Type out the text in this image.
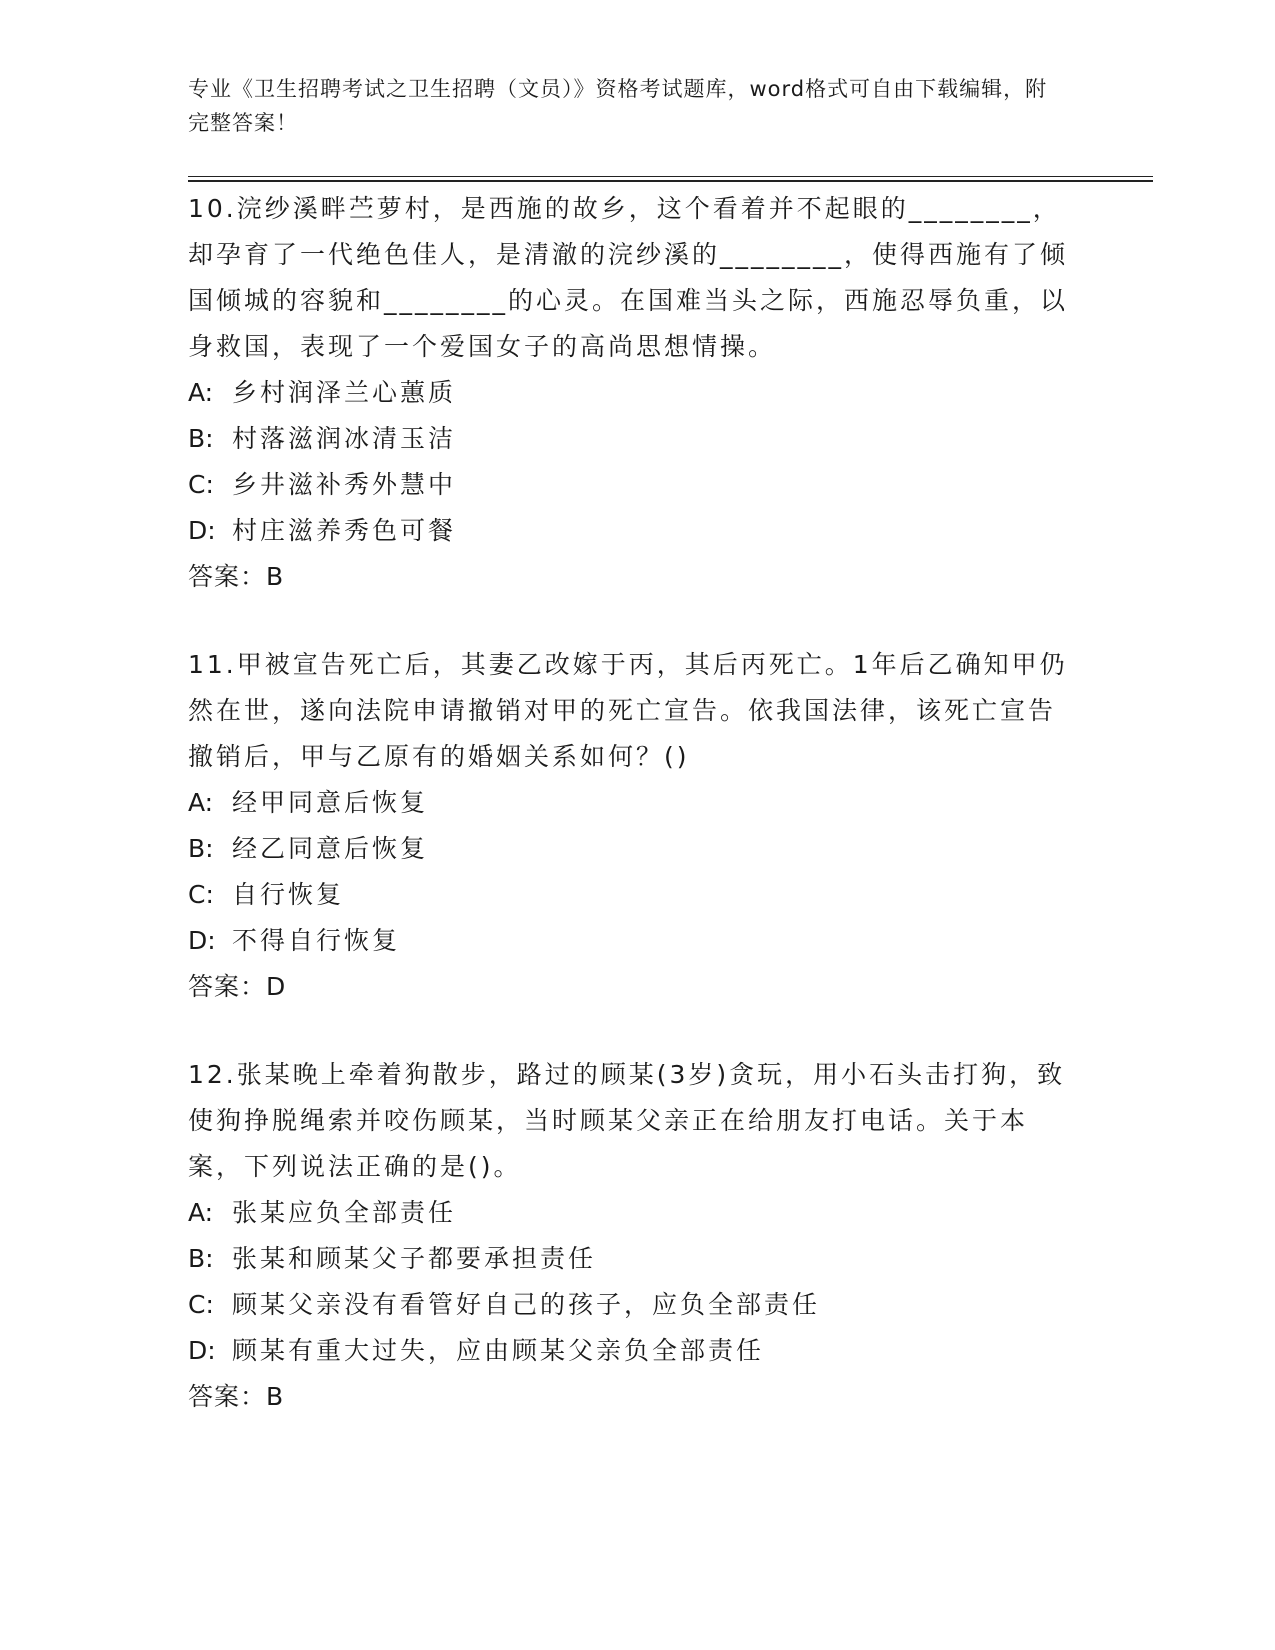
专业《卫生招聘考试之卫生招聘（文员）》资格考试题库，word格式可自由下载编辑，附完整答案！

10.浣纱溪畔苎萝村，是西施的故乡，这个看着并不起眼的________，却孕育了一代绝色佳人，是清澈的浣纱溪的________，使得西施有了倾国倾城的容貌和________的心灵。在国难当头之际，西施忍辱负重，以身救国，表现了一个爱国女子的高尚思想情操。

A: 乡村润泽兰心蕙质

B: 村落滋润冰清玉洁

C: 乡井滋补秀外慧中

D: 村庄滋养秀色可餐

答案：B

11.甲被宣告死亡后，其妻乙改嫁于丙，其后丙死亡。1年后乙确知甲仍然在世，遂向法院申请撤销对甲的死亡宣告。依我国法律，该死亡宣告撤销后，甲与乙原有的婚姻关系如何？()

A: 经甲同意后恢复

B: 经乙同意后恢复

C: 自行恢复

D: 不得自行恢复

答案：D

12.张某晚上牵着狗散步，路过的顾某(3岁)贪玩，用小石头击打狗，致使狗挣脱绳索并咬伤顾某，当时顾某父亲正在给朋友打电话。关于本案，下列说法正确的是()。

A: 张某应负全部责任

B: 张某和顾某父子都要承担责任

C: 顾某父亲没有看管好自己的孩子，应负全部责任

D: 顾某有重大过失，应由顾某父亲负全部责任

答案：B
